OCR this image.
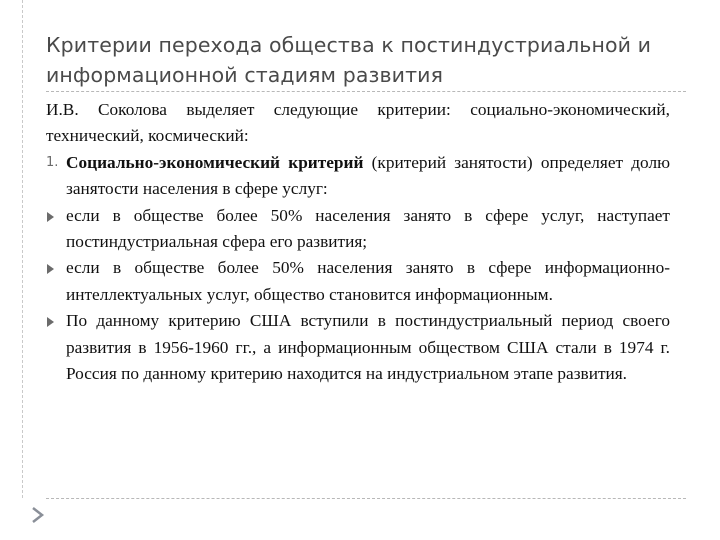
Критерии перехода общества к постиндустриальной и
информационной стадиям развития
И.В. Соколова выделяет следующие критерии: социально-экономический, технический, космический:
1. Социально-экономический критерий (критерий занятости) определяет долю занятости населения в сфере услуг:
если в обществе более 50% населения занято в сфере услуг, наступает постиндустриальная сфера его развития;
если в обществе более 50% населения занято в сфере информационно-интеллектуальных услуг, общество становится информационным.
По данному критерию США вступили в постиндустриальный период своего развития в 1956-1960 гг., а информационным обществом США стали в 1974 г. Россия по данному критерию находится на индустриальном этапе развития.
